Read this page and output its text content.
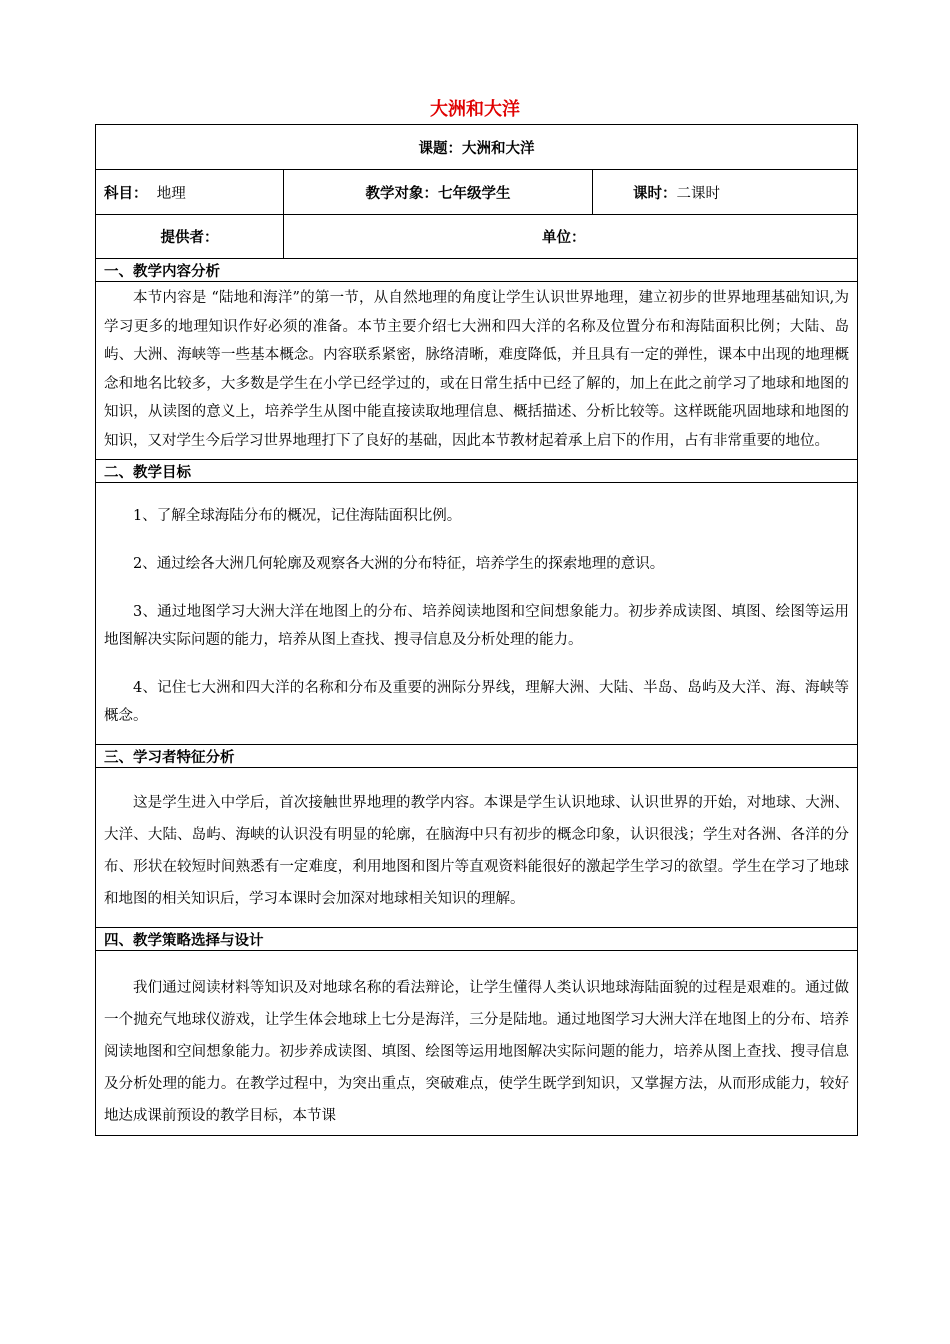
大洲和大洋
课题：大洲和大洋		
科目： 地理	教学对象：七年级学生	课时：二课时
提供者：	单位：	
一、教学内容分析		

本节内容是 “陆地和海洋”的第一节，从自然地理的角度让学生认识世界地理，建立初步的世界地理基础知识,为学习更多的地理知识作好必须的准备。本节主要介绍七大洲和四大洋的名称及位置分布和海陆面积比例；大陆、岛屿、大洲、海峡等一些基本概念。内容联系紧密，脉络清晰，难度降低，并且具有一定的弹性，课本中出现的地理概念和地名比较多，大多数是学生在小学已经学过的，或在日常生括中已经了解的，加上在此之前学习了地球和地图的知识，从读图的意义上，培养学生从图中能直接读取地理信息、概括描述、分析比较等。这样既能巩固地球和地图的知识，又对学生今后学习世界地理打下了良好的基础，因此本节教材起着承上启下的作用，占有非常重要的地位。		

二、教学目标		

1、了解全球海陆分布的概况，记住海陆面积比例。

2、通过绘各大洲几何轮廓及观察各大洲的分布特征，培养学生的探索地理的意识。

3、通过地图学习大洲大洋在地图上的分布、培养阅读地图和空间想象能力。初步养成读图、填图、绘图等运用地图解决实际问题的能力，培养从图上查找、搜寻信息及分析处理的能力。

4、记住七大洲和四大洋的名称和分布及重要的洲际分界线，理解大洲、大陆、半岛、岛屿及大洋、海、海峡等概念。		

三、学习者特征分析		

这是学生进入中学后，首次接触世界地理的教学内容。本课是学生认识地球、认识世界的开始，对地球、大洲、大洋、大陆、岛屿、海峡的认识没有明显的轮廓，在脑海中只有初步的概念印象，认识很浅；学生对各洲、各洋的分布、形状在较短时间熟悉有一定难度，利用地图和图片等直观资料能很好的激起学生学习的欲望。学生在学习了地球和地图的相关知识后，学习本课时会加深对地球相关知识的理解。		

四、教学策略选择与设计		

我们通过阅读材料等知识及对地球名称的看法辩论，让学生懂得人类认识地球海陆面貌的过程是艰难的。通过做一个抛充气地球仪游戏，让学生体会地球上七分是海洋，三分是陆地。通过地图学习大洲大洋在地图上的分布、培养阅读地图和空间想象能力。初步养成读图、填图、绘图等运用地图解决实际问题的能力，培养从图上查找、搜寻信息及分析处理的能力。在教学过程中，为突出重点，突破难点，使学生既学到知识，又掌握方法，从而形成能力，较好地达成课前预设的教学目标，本节课		
